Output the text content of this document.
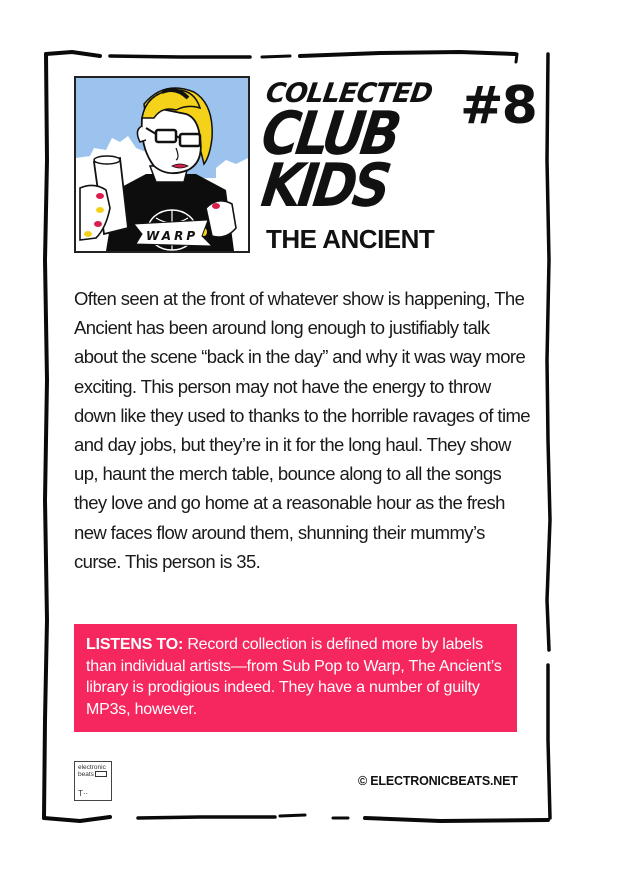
WARP
COLLECTED
CLUB
KIDS
#8
THE ANCIENT
Often seen at the front of whatever show is happening, The Ancient has been around long enough to justifiably talk about the scene “back in the day” and why it was way more exciting. This person may not have the energy to throw down like they used to thanks to the horrible ravages of time and day jobs, but they’re in it for the long haul. They show up, haunt the merch table, bounce along to all the songs they love and go home at a reasonable hour as the fresh new faces flow around them, shunning their mummy’s curse. This person is 35.
LISTENS TO: Record collection is defined more by labels than individual artists—from Sub Pop to Warp, The Ancient’s library is prodigious indeed. They have a number of guilty MP3s, however.
electronic
beats
T··
© ELECTRONICBEATS.NET
